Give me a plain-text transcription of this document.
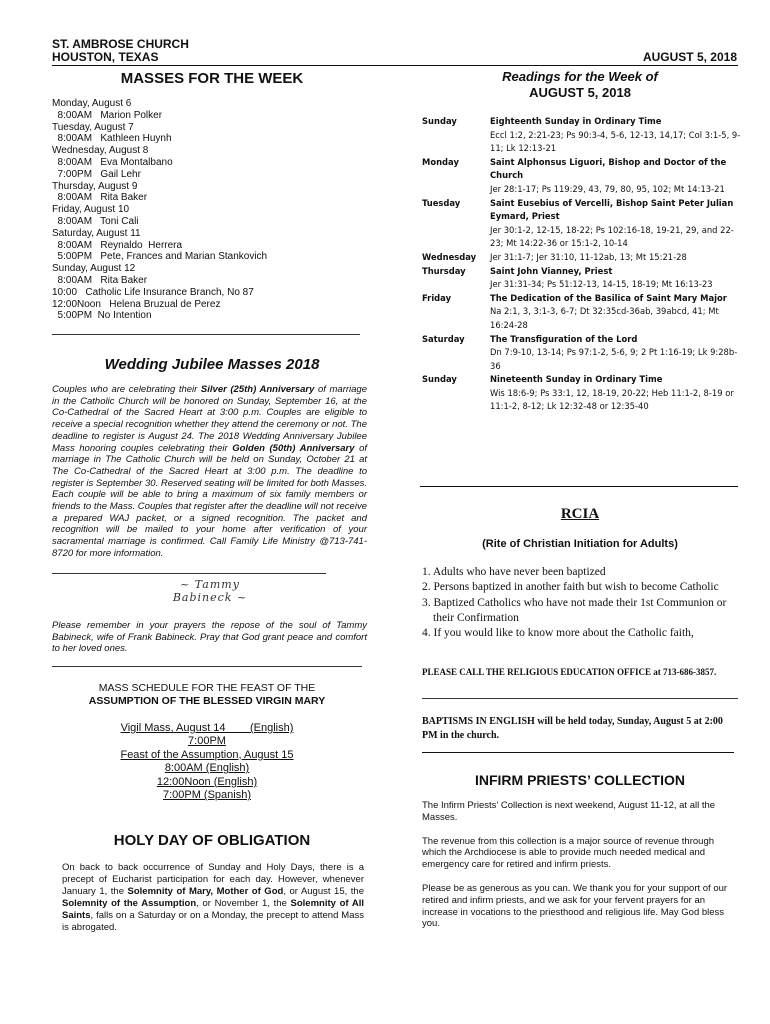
ST. AMBROSE CHURCH
HOUSTON, TEXAS	AUGUST 5, 2018
MASSES FOR THE WEEK
Monday, August 6
8:00AM   Marion Polker
Tuesday, August 7
8:00AM   Kathleen Huynh
Wednesday, August 8
8:00AM   Eva Montalbano
7:00PM   Gail Lehr
Thursday, August 9
8:00AM   Rita Baker
Friday, August 10
8:00AM   Toni Cali
Saturday, August 11
8:00AM   Reynaldo  Herrera
5:00PM   Pete, Frances and Marian Stankovich
Sunday, August 12
8:00AM   Rita Baker
10:00   Catholic Life Insurance Branch, No 87
12:00Noon   Helena Bruzual de Perez
5:00PM  No Intention
Wedding Jubilee Masses 2018
Couples who are celebrating their Silver (25th) Anniversary of marriage in the Catholic Church will be honored on Sunday, September 16, at the Co-Cathedral of the Sacred Heart at 3:00 p.m. Couples are eligible to receive a special recognition whether they attend the ceremony or not. The deadline to register is August 24. The 2018 Wedding Anniversary Jubilee Mass honoring couples celebrating their Golden (50th) Anniversary of marriage in The Catholic Church will be held on Sunday, October 21 at The Co-Cathedral of the Sacred Heart at 3:00 p.m. The deadline to register is September 30. Reserved seating will be limited for both Masses. Each couple will be able to bring a maximum of six family members or friends to the Mass. Couples that register after the deadline will not receive a prepared WAJ packet, or a signed recognition. The packet and recognition will be mailed to your home after verification of your sacramental marriage is confirmed. Call Family Life Ministry @713-741-8720 for more information.
~ Tammy Babineck ~
Please remember in your prayers the repose of the soul of Tammy Babineck, wife of Frank Babineck. Pray that God grant peace and comfort to her loved ones.
MASS SCHEDULE FOR THE FEAST OF THE
ASSUMPTION OF THE BLESSED VIRGIN MARY
Vigil Mass, August 14        (English)
7:00PM
Feast of the Assumption, August 15
8:00AM (English)
12:00Noon (English)
7:00PM (Spanish)
HOLY DAY OF OBLIGATION
On back to back occurrence of Sunday and Holy Days, there is a precept of Eucharist participation for each day. However, whenever January 1, the Solemnity of Mary, Mother of God, or August 15, the Solemnity of the Assumption, or November 1, the Solemnity of All Saints, falls on a Saturday or on a Monday, the precept to attend Mass is abrogated.
Readings for the Week of
AUGUST 5, 2018
Sunday	Eighteenth Sunday in Ordinary Time
Eccl 1:2, 2:21-23; Ps 90:3-4, 5-6, 12-13, 14,17; Col 3:1-5, 9-11; Lk 12:13-21
Monday	Saint Alphonsus Liguori, Bishop and Doctor of the Church
Jer 28:1-17; Ps 119:29, 43, 79, 80, 95, 102; Mt 14:13-21
Tuesday	Saint Eusebius of Vercelli, Bishop Saint Peter Julian Eymard, Priest
Jer 30:1-2, 12-15, 18-22; Ps 102:16-18, 19-21, 29, and 22-23; Mt 14:22-36 or 15:1-2, 10-14
Wednesday	Jer 31:1-7; Jer 31:10, 11-12ab, 13; Mt 15:21-28
Thursday	Saint John Vianney, Priest
Jer 31:31-34; Ps 51:12-13, 14-15, 18-19; Mt 16:13-23
Friday	The Dedication of the Basilica of Saint Mary Major
Na 2:1, 3, 3:1-3, 6-7; Dt 32:35cd-36ab, 39abcd, 41; Mt 16:24-28
Saturday	The Transfiguration of the Lord
Dn 7:9-10, 13-14; Ps 97:1-2, 5-6, 9; 2 Pt 1:16-19; Lk 9:28b-36
Sunday	Nineteenth Sunday in Ordinary Time
Wis 18:6-9; Ps 33:1, 12, 18-19, 20-22; Heb 11:1-2, 8-19 or 11:1-2, 8-12; Lk 12:32-48 or 12:35-40
RCIA
(Rite of Christian Initiation for Adults)
1. Adults who have never been baptized
2. Persons baptized in another faith but wish to become Catholic
3. Baptized Catholics who have not made their 1st Communion or their Confirmation
4. If you would like to know more about the Catholic faith,
PLEASE CALL THE RELIGIOUS EDUCATION OFFICE at 713-686-3857.
BAPTISMS IN ENGLISH will be held today, Sunday, August 5 at 2:00 PM in the church.
INFIRM PRIESTS’ COLLECTION
The Infirm Priests’ Collection is next weekend, August 11-12, at all the Masses.
The revenue from this collection is a major source of revenue through which the Archdiocese is able to provide much needed medical and emergency care for retired and infirm priests.
Please be as generous as you can. We thank you for your support of our retired and infirm priests, and we ask for your fervent prayers for an increase in vocations to the priesthood and religious life. May God bless you.
